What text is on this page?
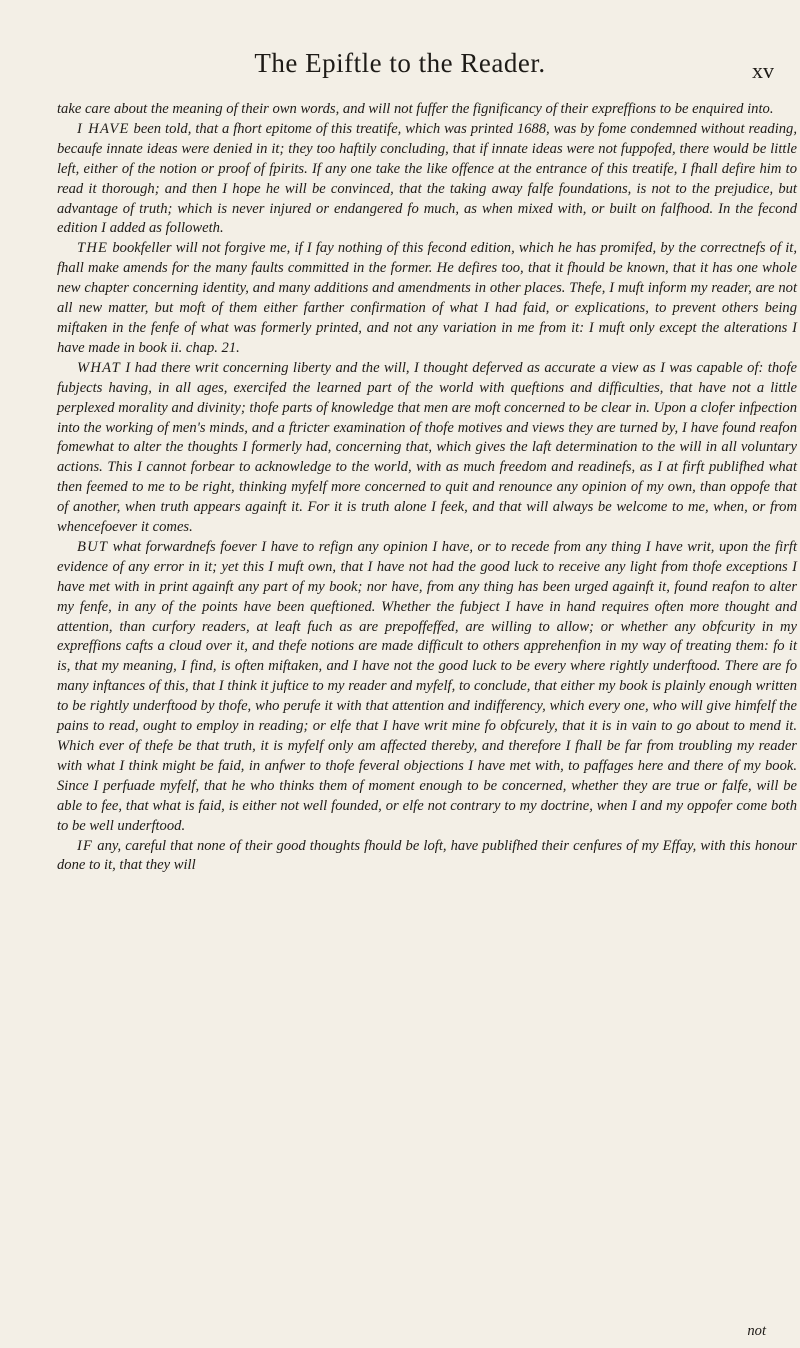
The Epiftle to the Reader.	xv

take care about the meaning of their own words, and will not fuffer the fignificancy of their expreffions to be enquired into.

I HAVE been told, that a fhort epitome of this treatife, which was printed 1688, was by fome condemned without reading, becaufe innate ideas were denied in it; they too haftily concluding, that if innate ideas were not fuppofed, there would be little left, either of the notion or proof of fpirits. If any one take the like offence at the entrance of this treatife, I fhall defire him to read it thorough; and then I hope he will be convinced, that the taking away falfe foundations, is not to the prejudice, but advantage of truth; which is never injured or endangered fo much, as when mixed with, or built on falfhood. In the fecond edition I added as followeth.

THE bookfeller will not forgive me, if I fay nothing of this fecond edition, which he has promifed, by the correctnefs of it, fhall make amends for the many faults committed in the former. He defires too, that it fhould be known, that it has one whole new chapter concerning identity, and many additions and amendments in other places. Thefe, I muft inform my reader, are not all new matter, but moft of them either farther confirmation of what I had faid, or explications, to prevent others being miftaken in the fenfe of what was formerly printed, and not any variation in me from it: I muft only except the alterations I have made in book ii. chap. 21.

WHAT I had there writ concerning liberty and the will, I thought deferved as accurate a view as I was capable of: thofe fubjects having, in all ages, exercifed the learned part of the world with queftions and difficulties, that have not a little perplexed morality and divinity; thofe parts of knowledge that men are moft concerned to be clear in. Upon a clofer infpection into the working of men's minds, and a ftricter examination of thofe motives and views they are turned by, I have found reafon fomewhat to alter the thoughts I formerly had, concerning that, which gives the laft determination to the will in all voluntary actions. This I cannot forbear to acknowledge to the world, with as much freedom and readinefs, as I at firft publifhed what then feemed to me to be right, thinking myfelf more concerned to quit and renounce any opinion of my own, than oppofe that of another, when truth appears againft it. For it is truth alone I feek, and that will always be welcome to me, when, or from whencefoever it comes.

BUT what forwardnefs foever I have to refign any opinion I have, or to recede from any thing I have writ, upon the firft evidence of any error in it; yet this I muft own, that I have not had the good luck to receive any light from thofe exceptions I have met with in print againft any part of my book; nor have, from any thing has been urged againft it, found reafon to alter my fenfe, in any of the points have been queftioned. Whether the fubject I have in hand requires often more thought and attention, than curfory readers, at leaft fuch as are prepoffeffed, are willing to allow; or whether any obfcurity in my expreffions cafts a cloud over it, and thefe notions are made difficult to others apprehenfion in my way of treating them: fo it is, that my meaning, I find, is often miftaken, and I have not the good luck to be every where rightly underftood. There are fo many inftances of this, that I think it juftice to my reader and myfelf, to conclude, that either my book is plainly enough written to be rightly underftood by thofe, who perufe it with that attention and indifferency, which every one, who will give himfelf the pains to read, ought to employ in reading; or elfe that I have writ mine fo obfcurely, that it is in vain to go about to mend it. Which ever of thefe be that truth, it is myfelf only am affected thereby, and therefore I fhall be far from troubling my reader with what I think might be faid, in anfwer to thofe feveral objections I have met with, to paffages here and there of my book. Since I perfuade myfelf, that he who thinks them of moment enough to be concerned, whether they are true or falfe, will be able to fee, that what is faid, is either not well founded, or elfe not contrary to my doctrine, when I and my oppofer come both to be well underftood.

IF any, careful that none of their good thoughts fhould be loft, have publifhed their cenfures of my Effay, with this honour done to it, that they will

not
